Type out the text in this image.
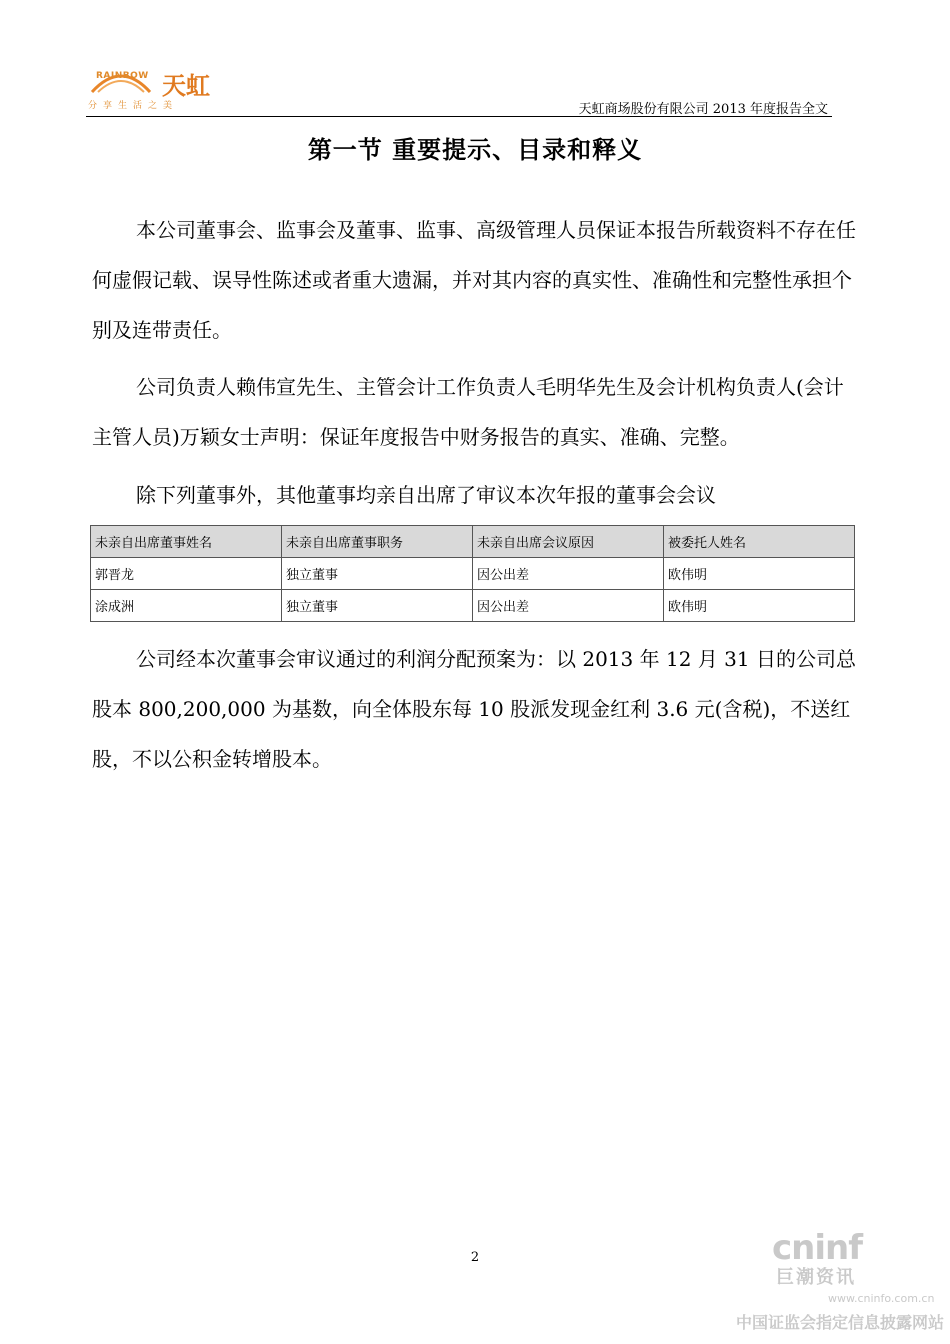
RAINBOW 天虹
分享生活之美	天虹商场股份有限公司 2013 年度报告全文
第一节 重要提示、目录和释义
本公司董事会、监事会及董事、监事、高级管理人员保证本报告所载资料不存在任何虚假记载、误导性陈述或者重大遗漏，并对其内容的真实性、准确性和完整性承担个别及连带责任。
公司负责人赖伟宣先生、主管会计工作负责人毛明华先生及会计机构负责人(会计主管人员)万颖女士声明：保证年度报告中财务报告的真实、准确、完整。
除下列董事外，其他董事均亲自出席了审议本次年报的董事会会议
未亲自出席董事姓名	未亲自出席董事职务	未亲自出席会议原因	被委托人姓名
郭晋龙	独立董事	因公出差	欧伟明
涂成洲	独立董事	因公出差	欧伟明
公司经本次董事会审议通过的利润分配预案为：以 2013 年 12 月 31 日的公司总股本 800,200,000 为基数，向全体股东每 10 股派发现金红利 3.6 元(含税)，不送红股，不以公积金转增股本。
2	cninf
巨潮资讯
www.cninfo.com.cn
中国证监会指定信息披露网站
